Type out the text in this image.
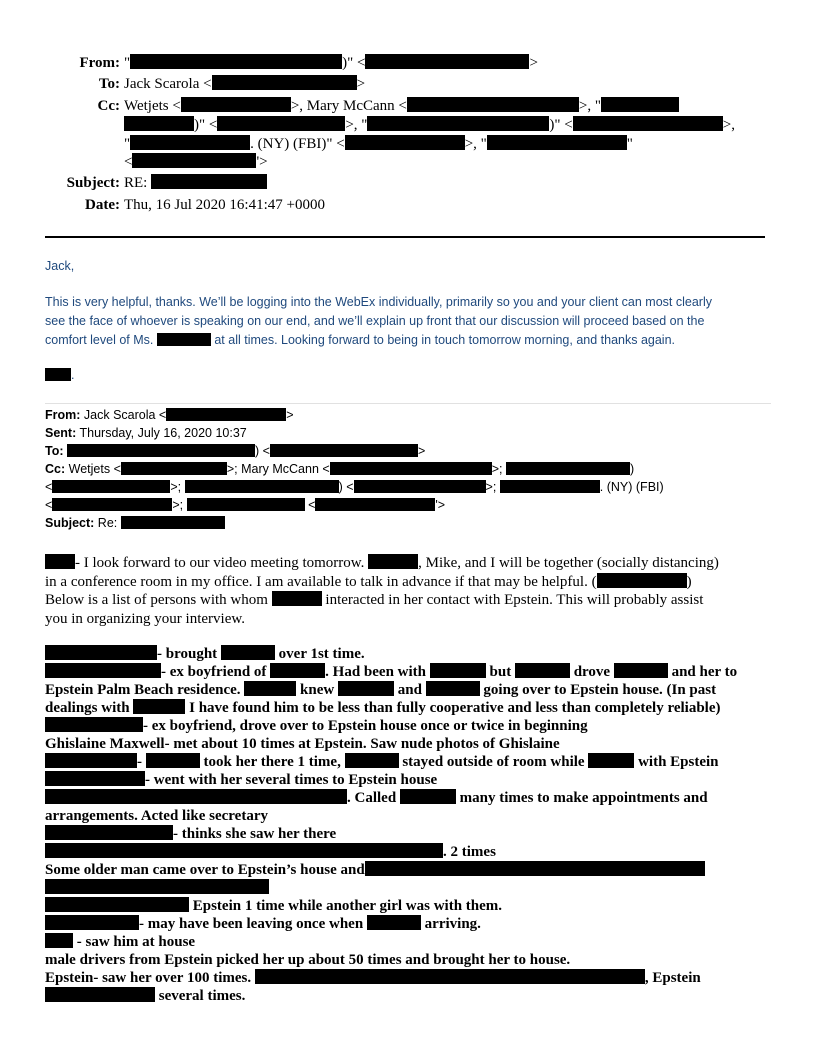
From: "	)" <	>
To: Jack Scarola <	>
Cc: Wetjets <	>, Mary McCann <	>, "
)" <	>, "	)" <	>,
"	. (NY) (FBI)" <	>, "	"
<	'>
Subject: RE:
Date: Thu, 16 Jul 2020 16:41:47 +0000
Jack,
This is very helpful, thanks. We’ll be logging into the WebEx individually, primarily so you and your client can most clearly
see the face of whoever is speaking on our end, and we’ll explain up front that our discussion will proceed based on the
comfort level of Ms.	at all times. Looking forward to being in touch tomorrow morning, and thanks again.
.
From: Jack Scarola <	>
Sent: Thursday, July 16, 2020 10:37
To:	) <	>
Cc: Wetjets <	>; Mary McCann <	>;	)
<	>;	) <	>;	. (NY) (FBI)
<	>;	<	'>
Subject: Re:
- I look forward to our video meeting tomorrow.	, Mike, and I will be together (socially distancing)
in a conference room in my office. I am available to talk in advance if that may be helpful. (	)
Below is a list of persons with whom	interacted in her contact with Epstein. This will probably assist
you in organizing your interview.
- brought	over 1st time.
- ex boyfriend of	. Had been with	but	drove	and her to
Epstein Palm Beach residence.	knew	and	going over to Epstein house. (In past
dealings with	I have found him to be less than fully cooperative and less than completely reliable)
- ex boyfriend, drove over to Epstein house once or twice in beginning
Ghislaine Maxwell- met about 10 times at Epstein. Saw nude photos of Ghislaine
-	took her there 1 time,	stayed outside of room while	with Epstein
- went with her several times to Epstein house
. Called	many times to make appointments and
arrangements. Acted like secretary
- thinks she saw her there
. 2 times
Some older man came over to Epstein’s house and
Epstein 1 time while another girl was with them.
- may have been leaving once when	arriving.
- saw him at house
male drivers from Epstein picked her up about 50 times and brought her to house.
Epstein- saw her over 100 times.	, Epstein
several times.
